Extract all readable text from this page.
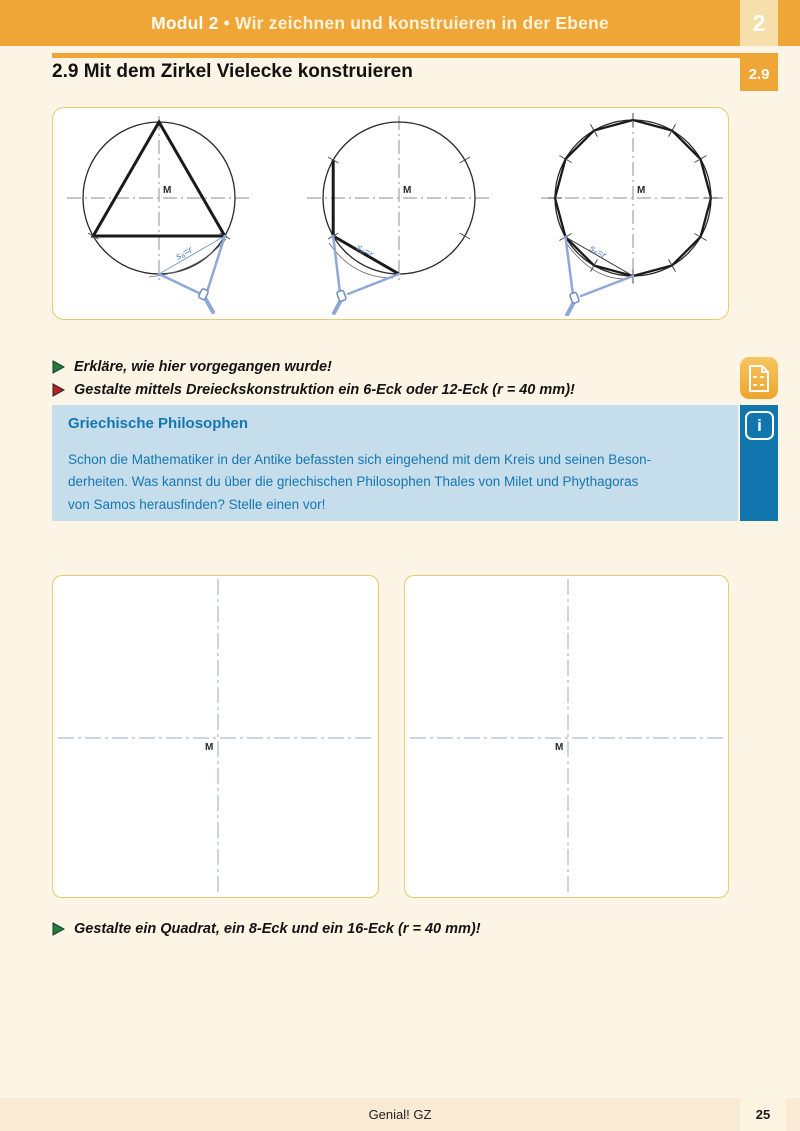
Modul 2 • Wir zeichnen und konstruieren in der Ebene	2
2.9
2.9 Mit dem Zirkel Vielecke konstruieren
M
s₆=r
M
s₆=r
M
s₆=r
Erkläre, wie hier vorgegangen wurde!
Gestalte mittels Dreieckskonstruktion ein 6-Eck oder 12-Eck (r = 40 mm)!
Griechische Philosophen
Schon die Mathematiker in der Antike befassten sich eingehend mit dem Kreis und seinen Beson-
derheiten. Was kannst du über die griechischen Philosophen Thales von Milet und Phythagoras
von Samos herausfinden? Stelle einen vor!
i
M	M
Gestalte ein Quadrat, ein 8-Eck und ein 16-Eck (r = 40 mm)!
Genial! GZ	25
